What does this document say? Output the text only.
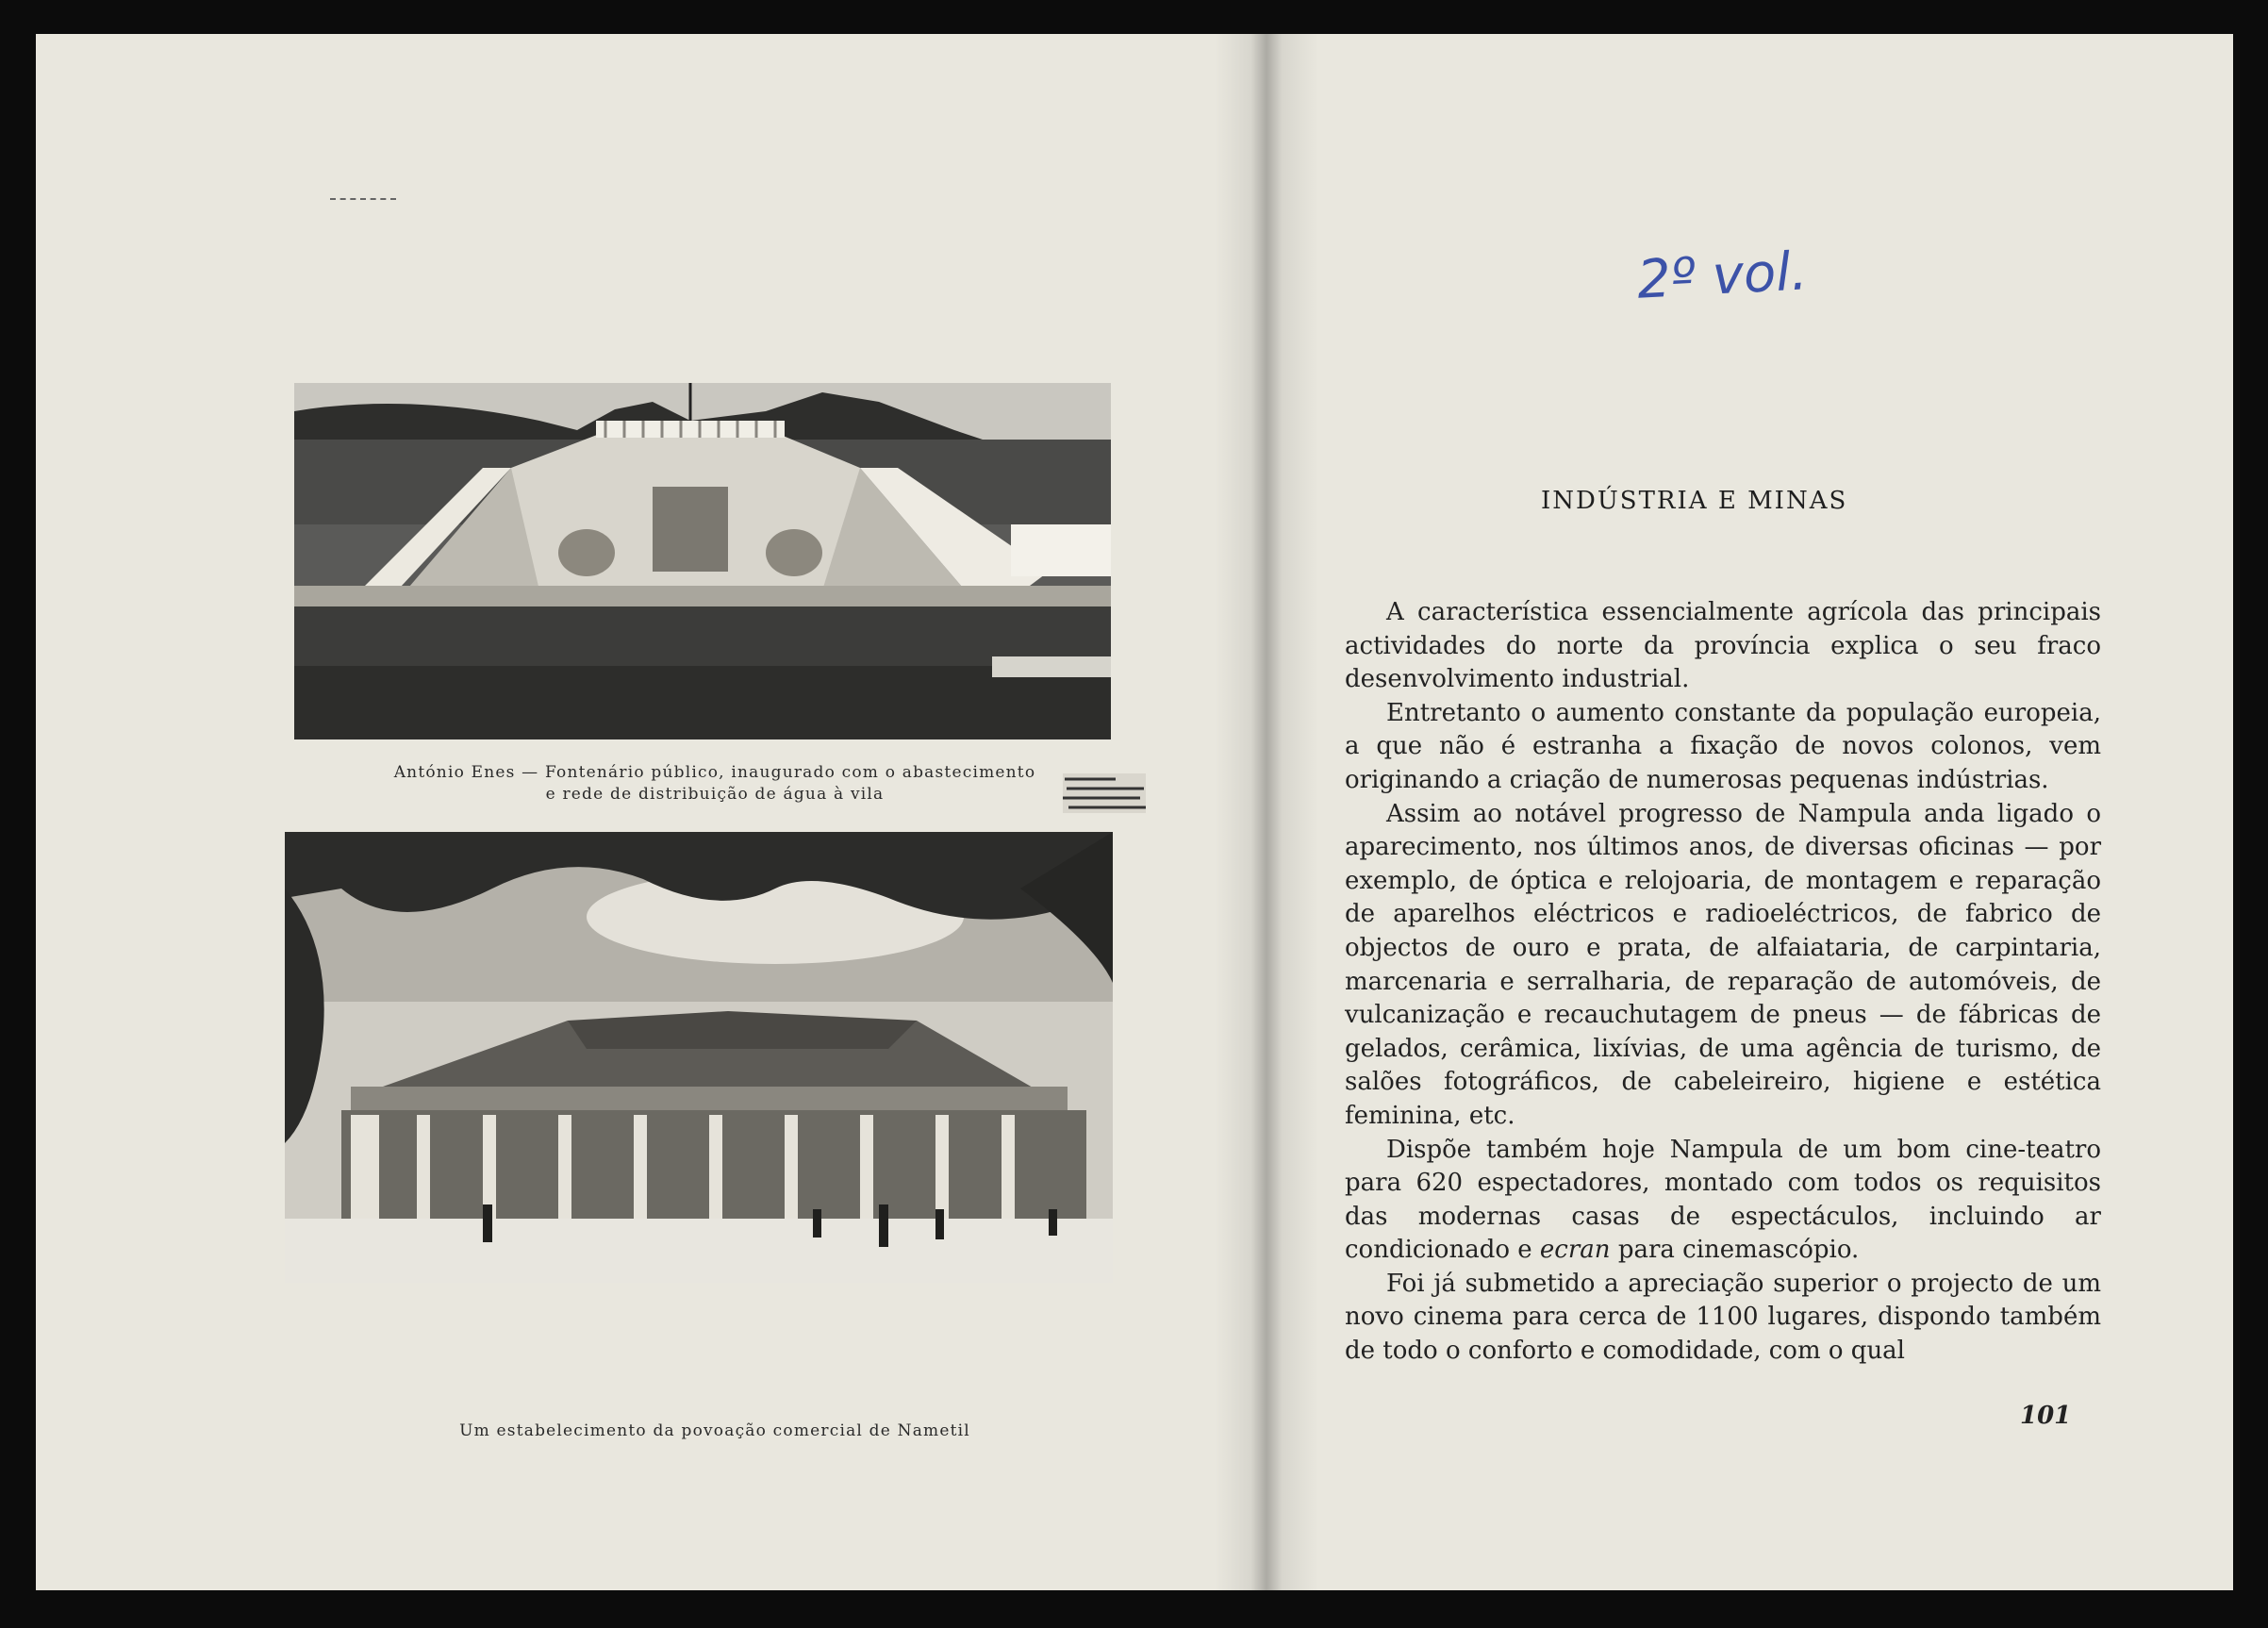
António Enes — Fontenário público, inaugurado com o abastecimento
e rede de distribuição de água à vila
Um estabelecimento da povoação comercial de Nametil
2º vol.
INDÚSTRIA E MINAS

A característica essencialmente agrícola das principais actividades do norte da província explica o seu fraco desenvolvimento industrial.

Entretanto o aumento constante da população europeia, a que não é estranha a fixação de novos colonos, vem originando a criação de numerosas pequenas indústrias.

Assim ao notável progresso de Nampula anda ligado o aparecimento, nos últimos anos, de diversas oficinas — por exemplo, de óptica e relojoaria, de montagem e reparação de aparelhos eléctricos e radioeléctricos, de fabrico de objectos de ouro e prata, de alfaiataria, de carpintaria, marcenaria e serralharia, de reparação de automóveis, de vulcanização e recauchutagem de pneus — de fábricas de gelados, cerâmica, lixívias, de uma agência de turismo, de salões fotográficos, de cabeleireiro, higiene e estética feminina, etc.

Dispõe também hoje Nampula de um bom cine-teatro para 620 espectadores, montado com todos os requisitos das modernas casas de espectáculos, incluindo ar condicionado e ecran para cinemascópio.

Foi já submetido a apreciação superior o projecto de um novo cinema para cerca de 1100 lugares, dispondo também de todo o conforto e comodidade, com o qual

101
